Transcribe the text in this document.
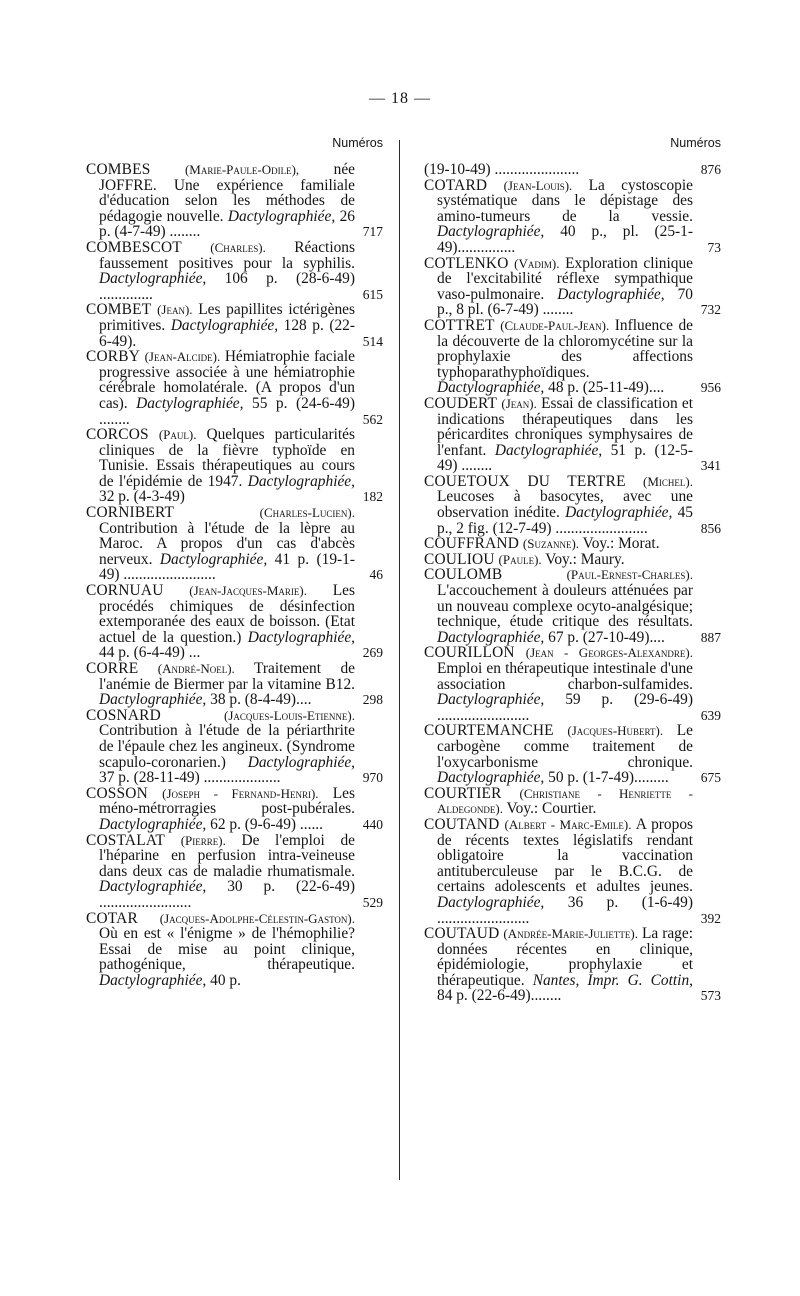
— 18 —
Numéros
COMBES	(Marie-Paule-Odile), née JOFFRE. Une expérience familiale d'éducation selon les méthodes de pédagogie nouvelle. Dactylographiée, 26 p. (4-7-49) ........	717
COMBESCOT (Charles). Réactions faussement positives pour la syphilis. Dactylographiée, 106 p. (28-6-49) ..............	615
COMBET (Jean). Les papillites ictérigènes primitives. Dactylographiée, 128 p. (22-6-49).	514
CORBY (Jean-Alcide). Hémiatrophie faciale progressive associée à une hémiatrophie cérébrale homolatérale. (A propos d'un cas). Dactylographiée, 55 p. (24-6-49) ........	562
CORCOS (Paul). Quelques particularités cliniques de la fièvre typhoïde en Tunisie. Essais thérapeutiques au cours de l'épidémie de 1947. Dactylographiée, 32 p. (4-3-49)	182
CORNIBERT	(Charles-Lucien). Contribution à l'étude de la lèpre au Maroc. A propos d'un cas d'abcès nerveux. Dactylographiée, 41 p. (19-1-49) ........................	46
CORNUAU (Jean-Jacques-Marie). Les procédés chimiques de désinfection extemporanée des eaux de boisson. (Etat actuel de la question.) Dactylographiée, 44 p. (6-4-49) ...	269
CORRE (André-Noel). Traitement de l'anémie de Biermer par la vitamine B12. Dactylographiée, 38 p. (8-4-49)....	298
COSNARD	(Jacques-Louis-Etienne). Contribution à l'étude de la périarthrite de l'épaule chez les angineux. (Syndrome scapulo-coronarien.) Dactylographiée, 37 p. (28-11-49) ....................	970
COSSON (Joseph - Fernand-Henri). Les méno-métrorragies post-pubérales. Dactylographiée, 62 p. (9-6-49) ......	440
COSTALAT (Pierre). De l'emploi de l'héparine en perfusion intra-veineuse dans deux cas de maladie rhumatismale. Dactylographiée, 30 p. (22-6-49) ........................	529
COTAR (Jacques-Adolphe-Célestin-Gaston). Où en est « l'énigme » de l'hémophilie? Essai de mise au point clinique, pathogénique, thérapeutique. Dactylographiée, 40 p.
Numéros
(19-10-49) ......................	876
COTARD (Jean-Louis). La cystoscopie systématique dans le dépistage des amino-tumeurs de la vessie. Dactylographiée, 40 p., pl. (25-1-49)...............	73
COTLENKO (Vadim). Exploration clinique de l'excitabilité réflexe sympathique vaso-pulmonaire. Dactylographiée, 70 p., 8 pl. (6-7-49) ........	732
COTTRET (Claude-Paul-Jean). Influence de la découverte de la chloromycétine sur la prophylaxie des affections typhoparathyphoïdiques. Dactylographiée, 48 p. (25-11-49)....	956
COUDERT (Jean). Essai de classification et indications thérapeutiques dans les péricardites chroniques symphysaires de l'enfant. Dactylographiée, 51 p. (12-5-49) ........	341
COUETOUX DU TERTRE (Michel). Leucoses à basocytes, avec une observation inédite. Dactylographiée, 45 p., 2 fig. (12-7-49) ........................	856
COUFFRAND (Suzanne). Voy.: Morat.
COULIOU (Paule). Voy.: Maury.
COULOMB	(Paul-Ernest-Charles). L'accouchement à douleurs atténuées par un nouveau complexe ocyto-analgésique; technique, étude critique des résultats. Dactylographiée, 67 p. (27-10-49)....	887
COURILLON (Jean - Georges-Alexandre). Emploi en thérapeutique intestinale d'une association charbon-sulfamides. Dactylographiée, 59 p. (29-6-49) ........................	639
COURTEMANCHE (Jacques-Hubert). Le carbogène comme traitement de l'oxycarbonisme chronique. Dactylographiée, 50 p. (1-7-49)......... 675
COURTIER (Christiane - Henriette - Aldegonde). Voy.: Courtier.
COUTAND (Albert - Marc-Emile). A propos de récents textes législatifs rendant obligatoire la vaccination antituberculeuse par le B.C.G. de certains adolescents et adultes jeunes. Dactylographiée, 36 p. (1-6-49) ........................	392
COUTAUD (Andrée-Marie-Juliette). La rage: données récentes en clinique, épidémiologie, prophylaxie et thérapeutique. Nantes, Impr. G. Cottin, 84 p. (22-6-49)........	573
